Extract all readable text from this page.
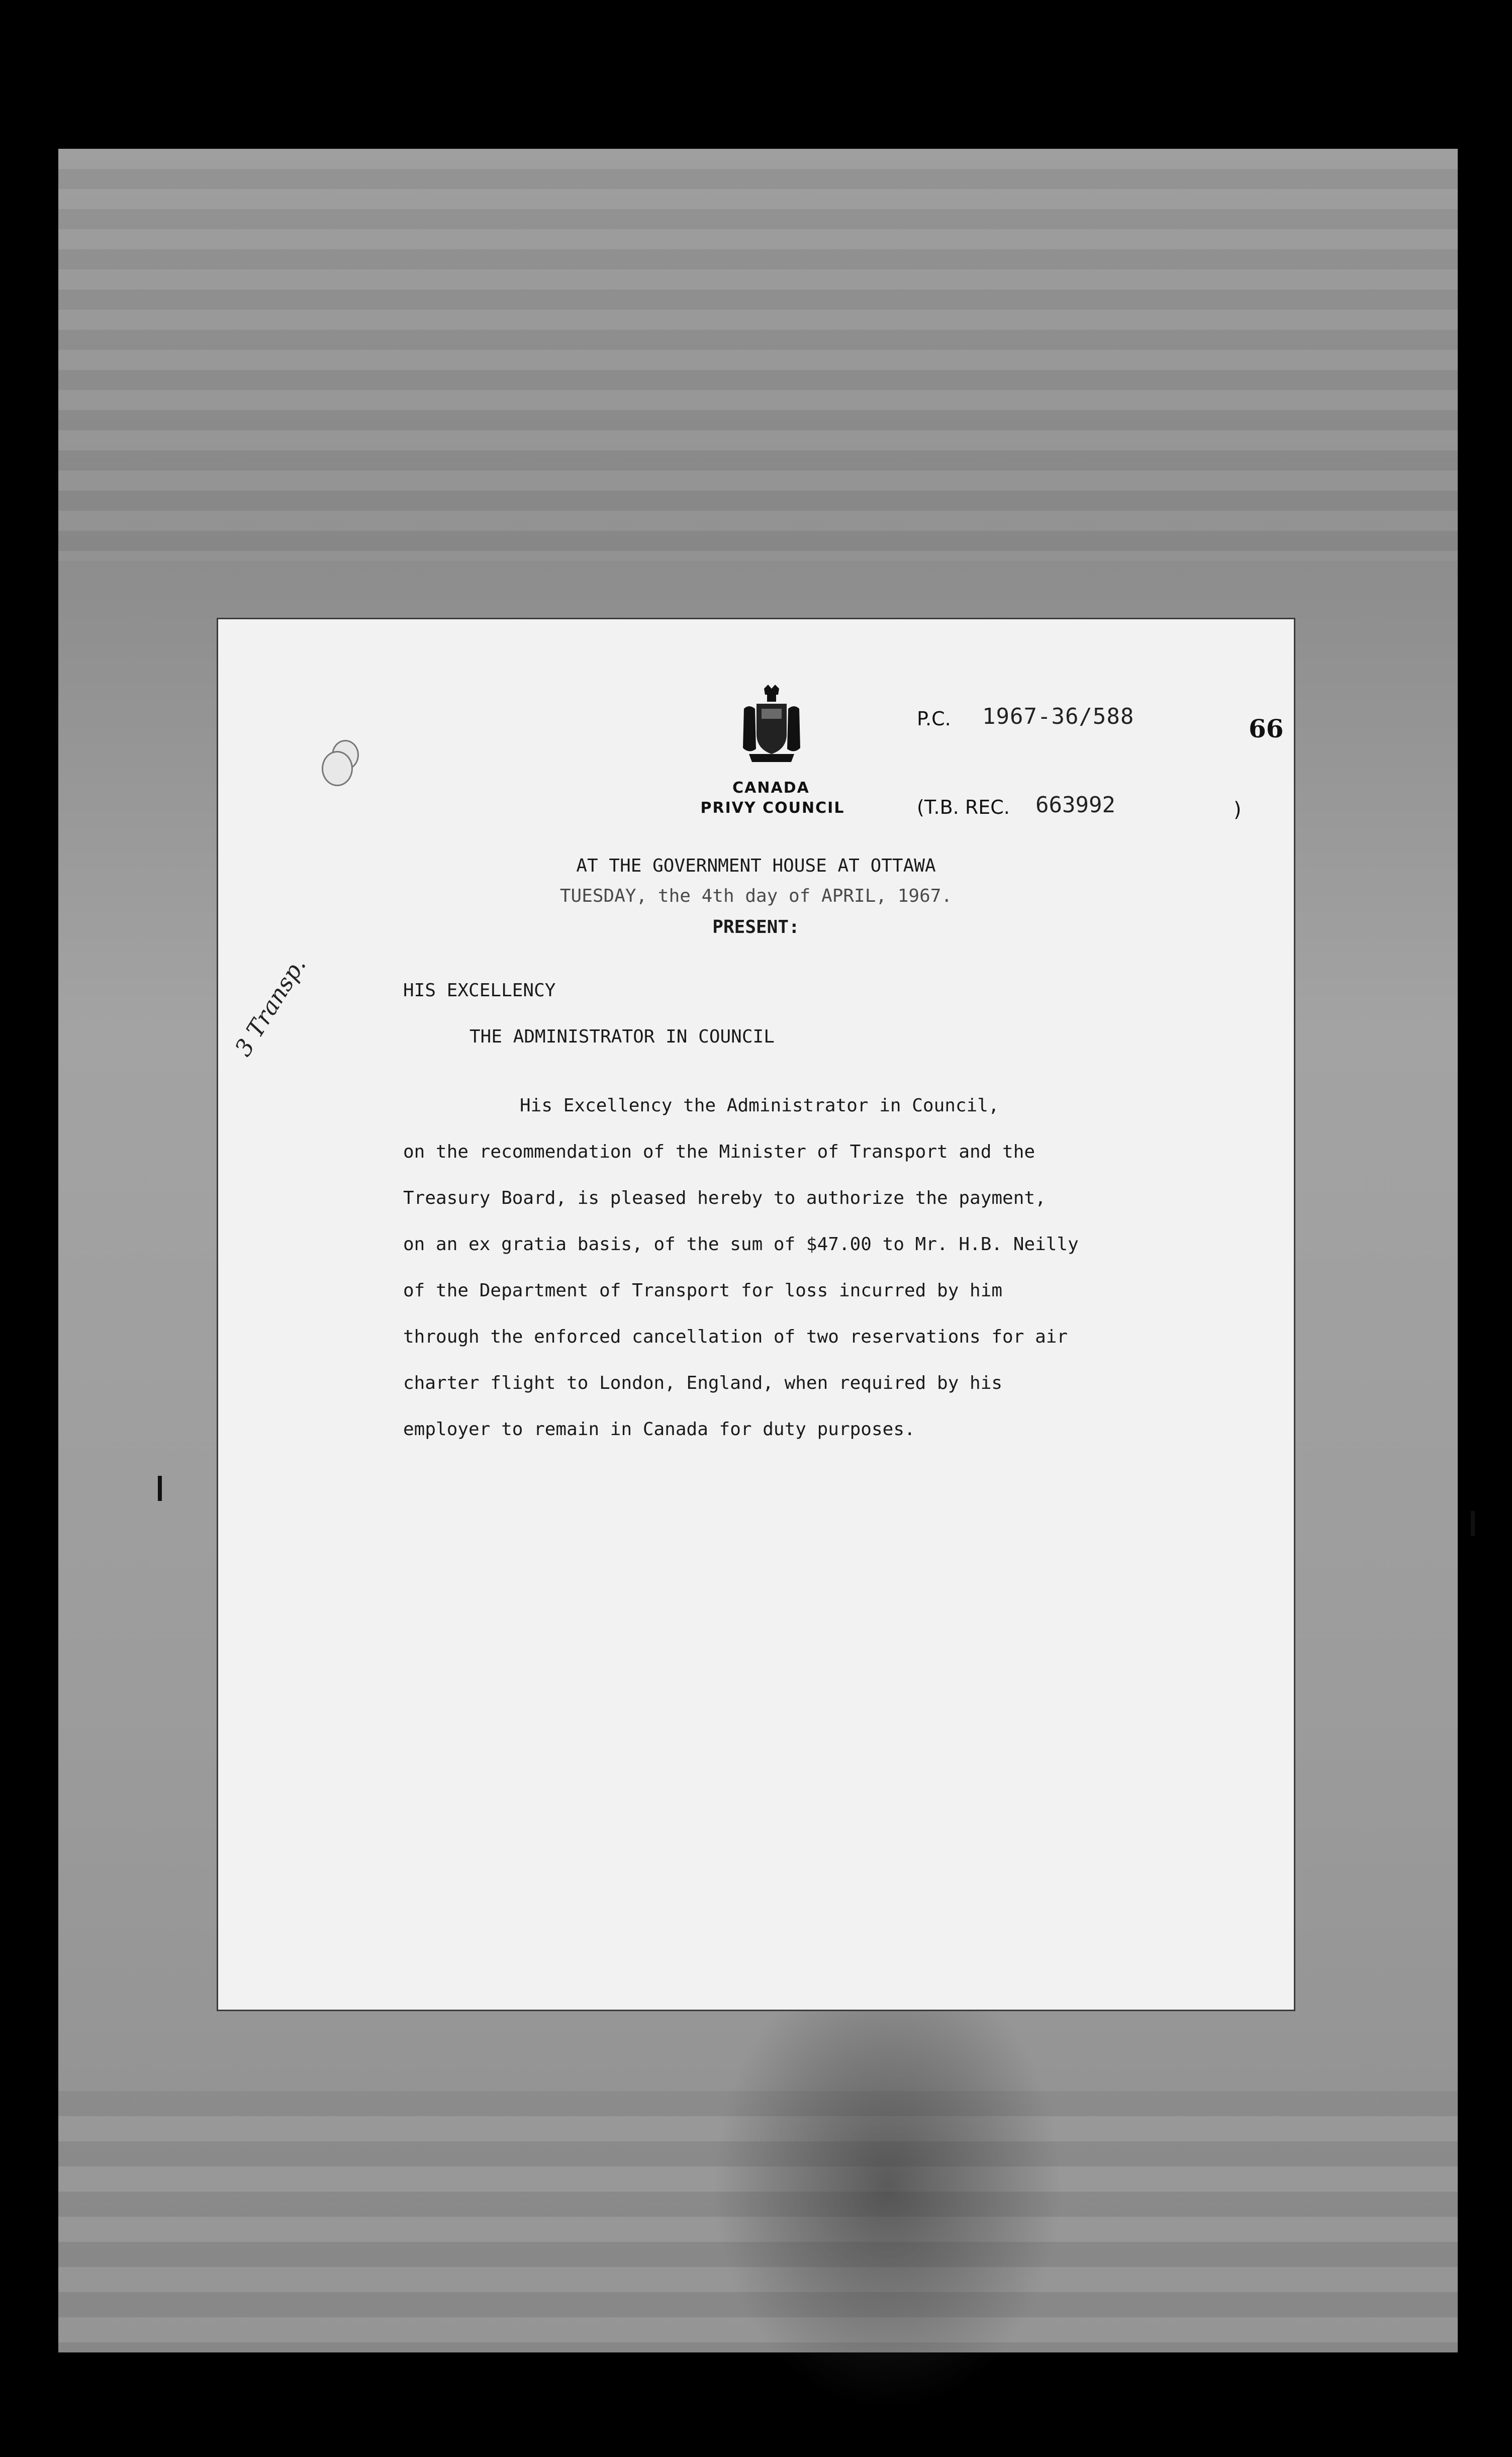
3 Transp.
CANADA
PRIVY COUNCIL
P.C. 1967-36/588	66
(T.B. REC. 663992	)
AT THE GOVERNMENT HOUSE AT OTTAWA
TUESDAY, the 4th day of APRIL, 1967.
PRESENT:
HIS EXCELLENCY
THE ADMINISTRATOR IN COUNCIL
His Excellency the Administrator in Council,
on the recommendation of the Minister of Transport and the
Treasury Board, is pleased hereby to authorize the payment,
on an ex gratia basis, of the sum of $47.00 to Mr. H.B. Neilly
of the Department of Transport for loss incurred by him
through the enforced cancellation of two reservations for air
charter flight to London, England, when required by his
employer to remain in Canada for duty purposes.
